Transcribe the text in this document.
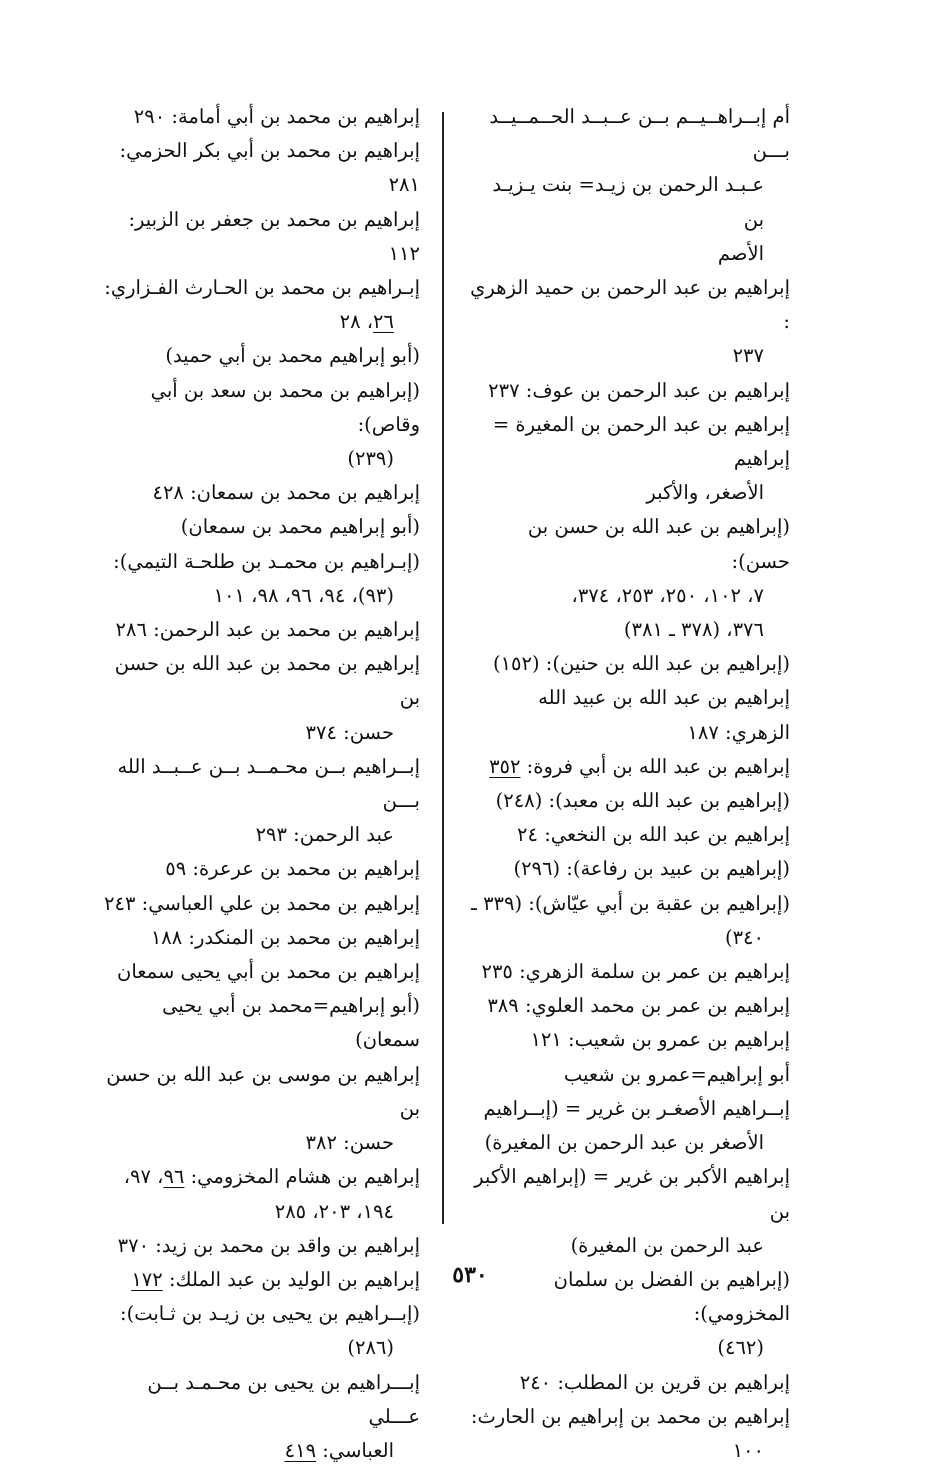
أم إبــراهــيــم بــن عــبــد الحــمــيــد بـــن

عـبـد الرحمن بن زيـد= بنت يـزيـد بن
الأصم
إبراهيم بن عبد الرحمن بن حميد الزهري :

٢٣٧
إبراهيم بن عبد الرحمن بن عوف: ٢٣٧
إبراهيم بن عبد الرحمن بن المغيرة = إبراهيم

الأصغر، والأكبر
(إبراهيم بن عبد الله بن حسن بن حسن):

٧، ١٠٢، ٢٥٠، ٢٥٣، ٣٧٤،
٣٧٦، (٣٧٨ ـ ٣٨١)
(إبراهيم بن عبد الله بن حنين): (١٥٢)
إبراهيم بن عبد الله بن عبيد الله الزهري: ١٨٧
إبراهيم بن عبد الله بن أبي فروة: ٣٥٢
(إبراهيم بن عبد الله بن معبد): (٢٤٨)
إبراهيم بن عبد الله بن النخعي: ٢٤
(إبراهيم بن عبيد بن رفاعة): (٢٩٦)
(إبراهيم بن عقبة بن أبي عيّاش): (٣٣٩ ـ

٣٤٠)
إبراهيم بن عمر بن سلمة الزهري: ٢٣٥
إبراهيم بن عمر بن محمد العلوي: ٣٨٩
إبراهيم بن عمرو بن شعيب: ١٢١
أبو إبراهيم=عمرو بن شعيب
إبــراهيم الأصغـر بن غرير = (إبــراهيم

الأصغر بن عبد الرحمن بن المغيرة)
إبراهيم الأكبر بن غرير = (إبراهيم الأكبر بن

عبد الرحمن بن المغيرة)
(إبراهيم بن الفضل بن سلمان المخزومي):

(٤٦٢)
إبراهيم بن قرين بن المطلب: ٢٤٠
إبراهيم بن محمد بن إبراهيم بن الحارث:

١٠٠
إبراهيم بن محمد بن أبي أمامة: ٢٩٠
إبراهيم بن محمد بن أبي بكر الحزمي: ٢٨١
إبراهيم بن محمد بن جعفر بن الزبير: ١١٢
إبـراهيم بن محمد بن الحـارث الفـزاري:

٢٦، ٢٨
(أبو إبراهيم محمد بن أبي حميد)
(إبراهيم بن محمد بن سعد بن أبي وقاص):

(٢٣٩)
إبراهيم بن محمد بن سمعان: ٤٢٨
(أبو إبراهيم محمد بن سمعان)
(إبـراهيم بن محمـد بن طلحـة التيمي):

(٩٣)، ٩٤، ٩٦، ٩٨، ١٠١
إبراهيم بن محمد بن عبد الرحمن: ٢٨٦
إبراهيم بن محمد بن عبد الله بن حسن بن

حسن: ٣٧٤
إبــراهيم بــن محـمــد بــن عــبــد الله بـــن

عبد الرحمن: ٢٩٣
إبراهيم بن محمد بن عرعرة: ٥٩
إبراهيم بن محمد بن علي العباسي: ٢٤٣
إبراهيم بن محمد بن المنكدر: ١٨٨
إبراهيم بن محمد بن أبي يحيى سمعان
(أبو إبراهيم=محمد بن أبي يحيى سمعان)
إبراهيم بن موسى بن عبد الله بن حسن بن

حسن: ٣٨٢
إبراهيم بن هشام المخزومي: ٩٦، ٩٧،

١٩٤، ٢٠٣، ٢٨٥
إبراهيم بن واقد بن محمد بن زيد: ٣٧٠
إبراهيم بن الوليد بن عبد الملك: ١٧٢
(إبــراهيم بن يحيى بن زيـد بن ثـابت):

(٢٨٦)
إبـــراهيم بن يحيى بن محـمـد بــن عـــلي

العباسي: ٤١٩
٥٣٠
